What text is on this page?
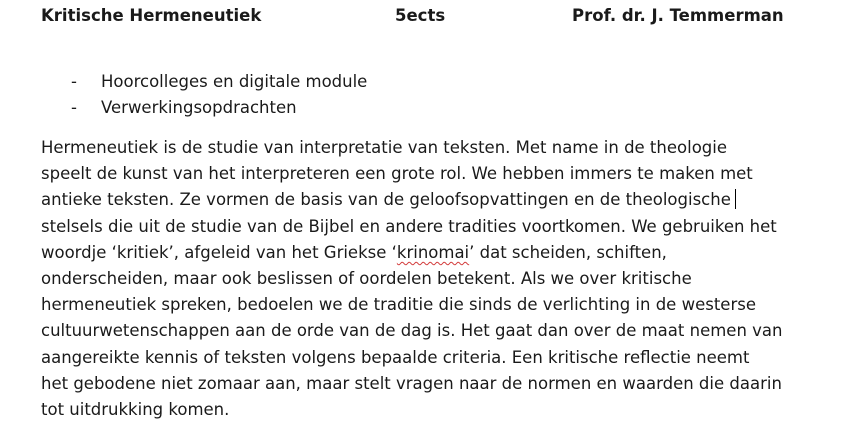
Kritische Hermeneutiek	5ects	Prof. dr. J. Temmerman
- Hoorcolleges en digitale module
- Verwerkingsopdrachten

Hermeneutiek is de studie van interpretatie van teksten. Met name in de theologie
speelt de kunst van het interpreteren een grote rol. We hebben immers te maken met
antieke teksten. Ze vormen de basis van de geloofsopvattingen en de theologische
stelsels die uit de studie van de Bijbel en andere tradities voortkomen. We gebruiken het
woordje ‘kritiek’, afgeleid van het Griekse ‘krinomai’ dat scheiden, schiften,
onderscheiden, maar ook beslissen of oordelen betekent. Als we over kritische
hermeneutiek spreken, bedoelen we de traditie die sinds de verlichting in de westerse
cultuurwetenschappen aan de orde van de dag is. Het gaat dan over de maat nemen van
aangereikte kennis of teksten volgens bepaalde criteria. Een kritische reflectie neemt
het gebodene niet zomaar aan, maar stelt vragen naar de normen en waarden die daarin
tot uitdrukking komen.
